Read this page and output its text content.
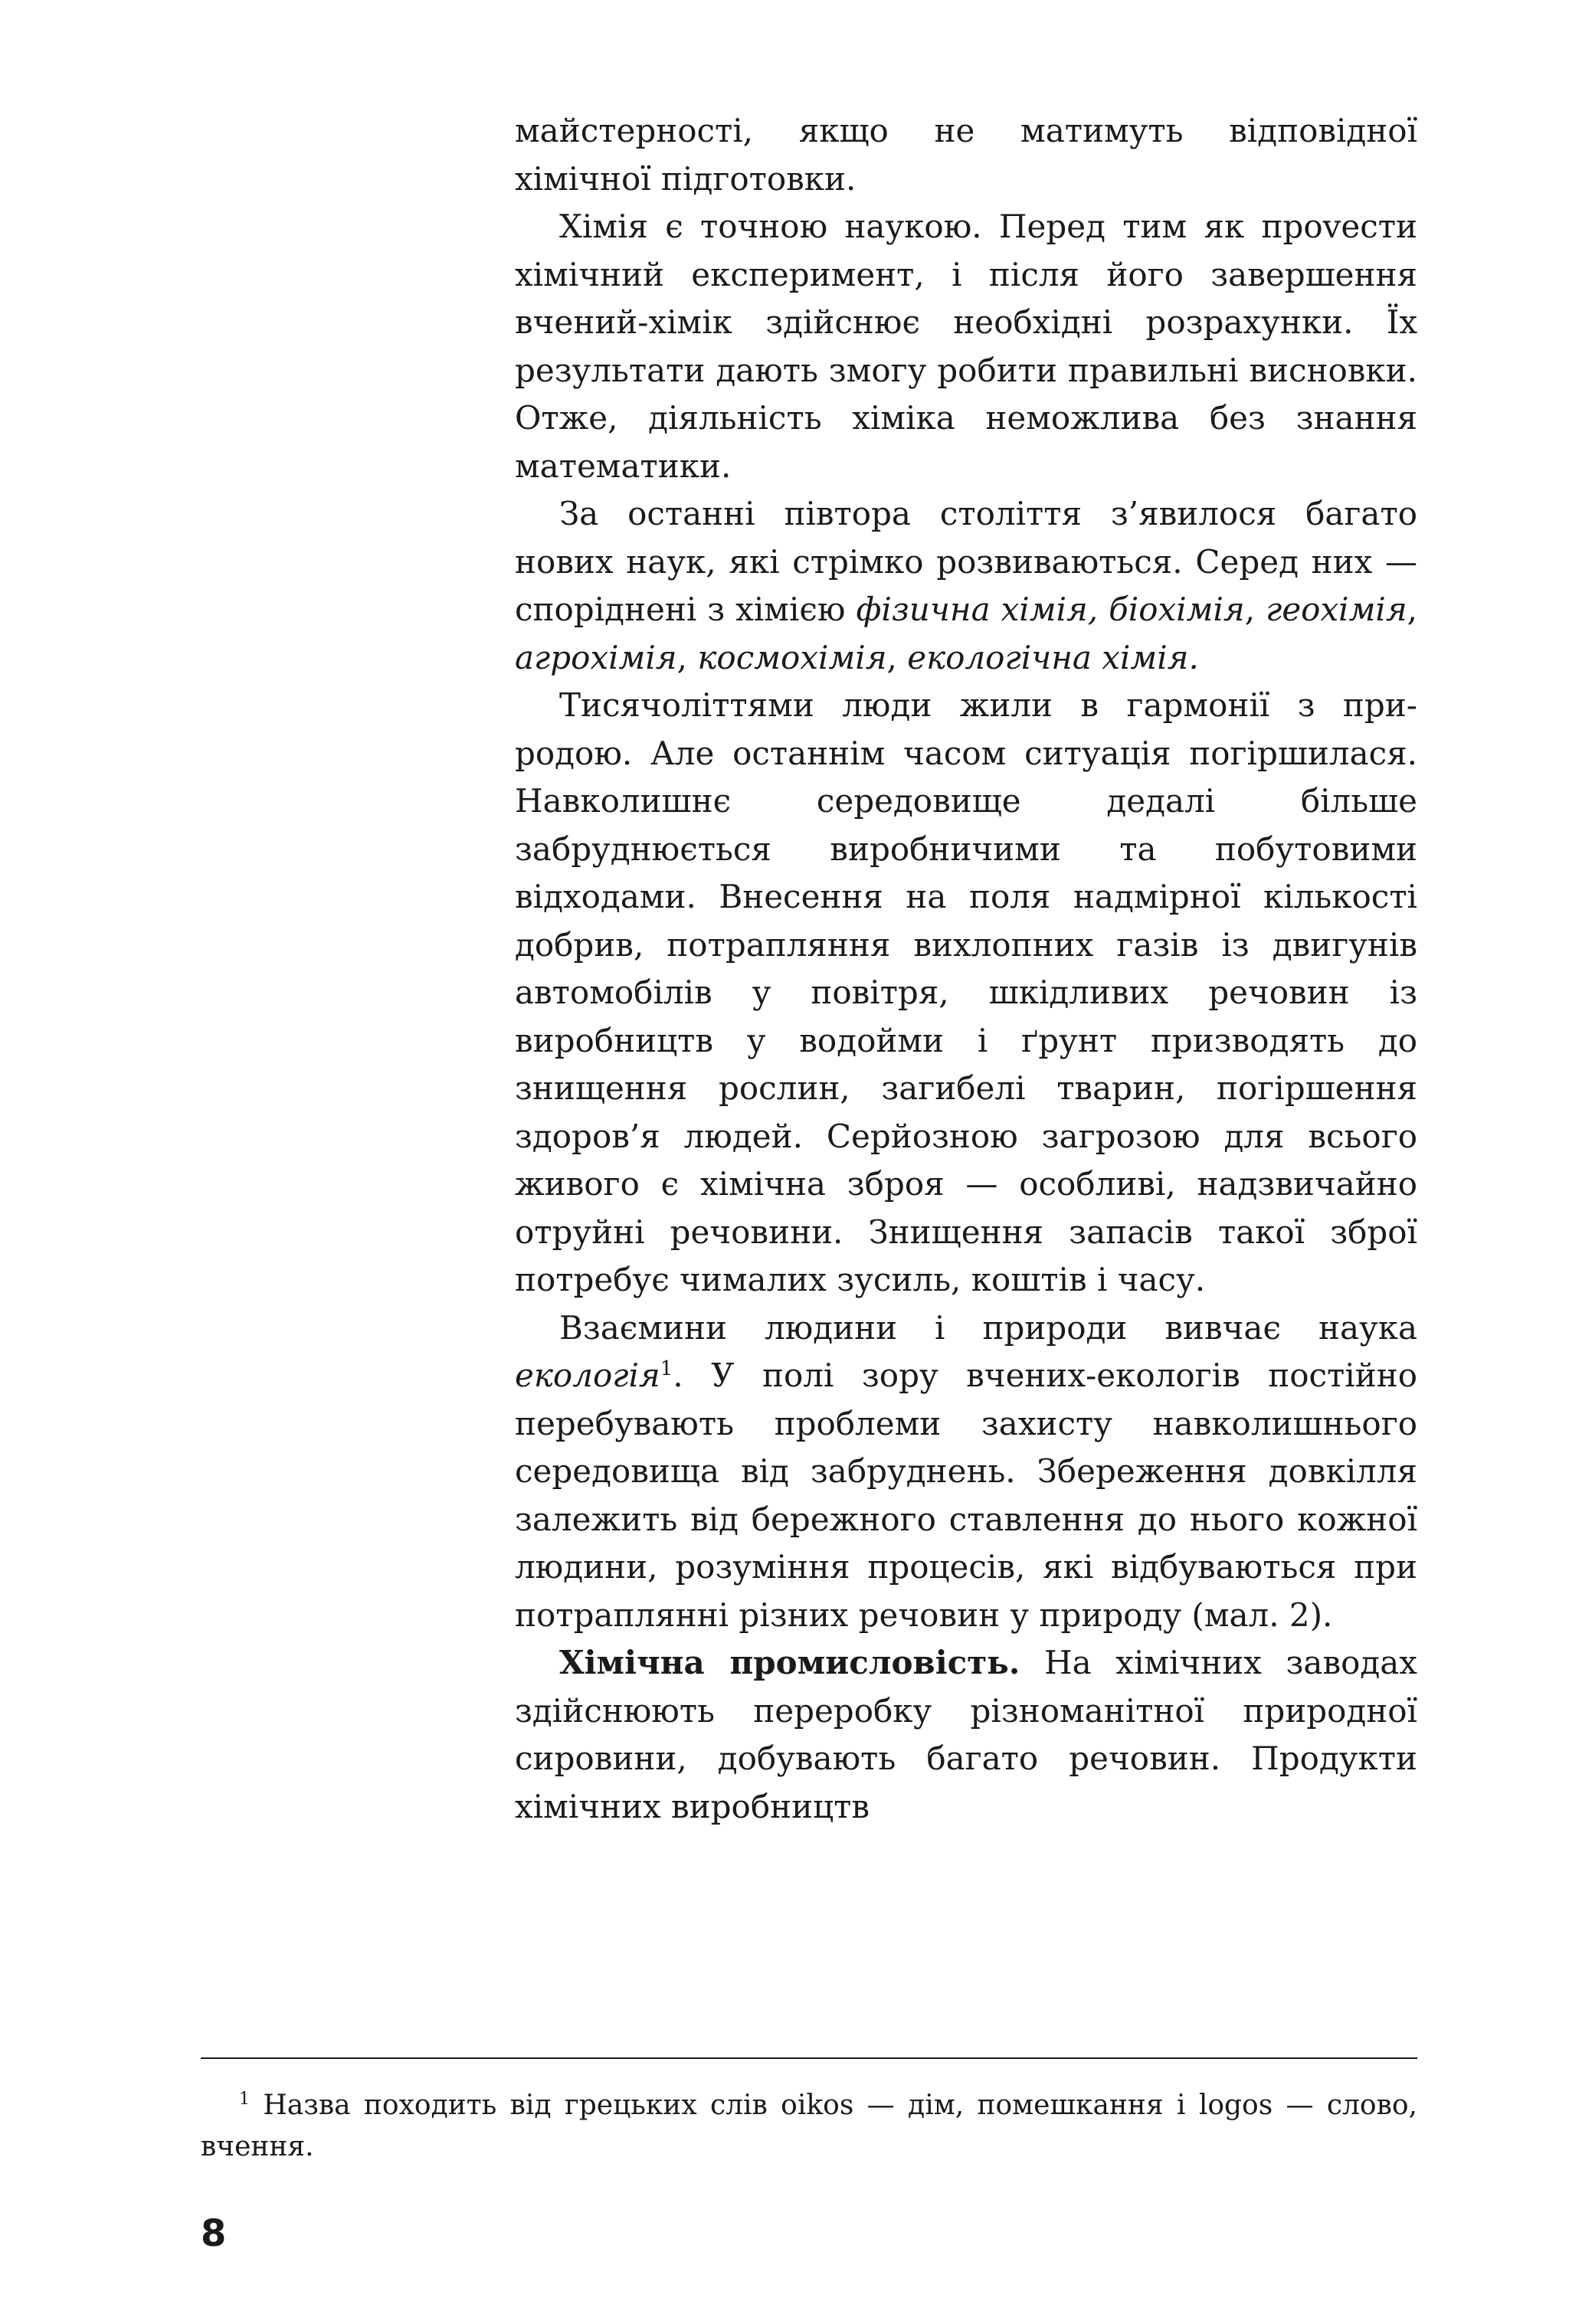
майстерності, якщо не матимуть відповідної хімічної підготовки.

Хімія є точною наукою. Перед тим як проvести хімічний експеримент, і після його завершення вчений-хімік здійснює необхідні розрахунки. Їх результати дають змогу робити правильні висновки. Отже, діяльність хіміка неможлива без знання математики.

За останні півтора століття з’явилося багато нових наук, які стрімко розвиваються. Серед них — споріднені з хімією фізична хімія, біохімія, геохімія, агрохімія, космохімія, екологічна хімія.

Тисячоліттями люди жили в гармонії з природою. Але останнім часом ситуація погіршилася. Навколишнє середовище дедалі більше забруднюється виробничими та побутовими відходами. Внесення на поля надмірної кількості добрив, потрапляння вихлопних газів із двигунів автомобілів у повітря, шкідливих речовин із виробництв у водойми і ґрунт призводять до знищення рослин, загибелі тварин, погіршення здоров’я людей. Серйозною загрозою для всього живого є хімічна зброя — особливі, надзвичайно отруйні речовини. Знищення запасів такої зброї потребує чималих зусиль, коштів і часу.

Взаємини людини і природи вивчає наука екологія$^1$. У полі зору вчених-екологів постійно перебувають проблеми захисту навколишнього середовища від забруднень. Збереження довкілля залежить від бережного ставлення до нього кожної людини, розуміння процесів, які відбуваються при потраплянні різних речовин у природу (мал. 2).

Хімічна промисловість. На хімічних заводах здійснюють переробку різноманітної природної сировини, добувають багато речовин. Продукти хімічних виробництв

$^1$ Назва походить від грецьких слів oikos — дім, помешкання і logos — слово, вчення.

8
